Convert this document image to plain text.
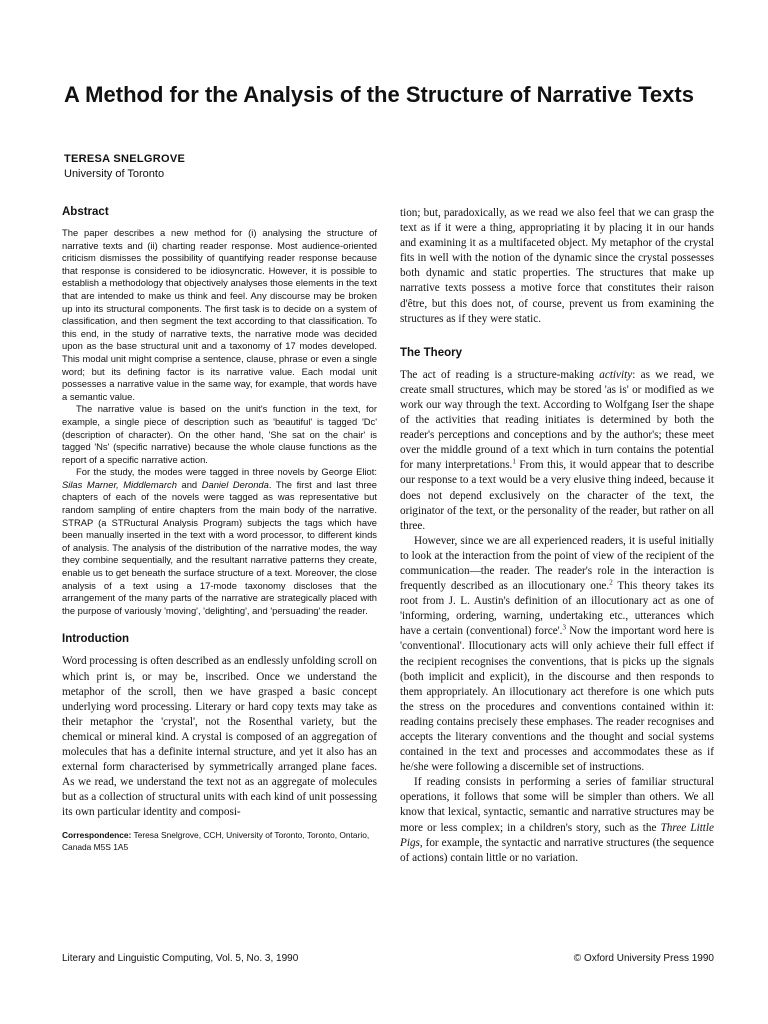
A Method for the Analysis of the Structure of Narrative Texts
TERESA SNELGROVE
University of Toronto
Abstract

The paper describes a new method for (i) analysing the structure of narrative texts and (ii) charting reader response. Most audience-oriented criticism dismisses the possibility of quantifying reader response because that response is considered to be idiosyncratic. However, it is possible to establish a methodology that objectively analyses those elements in the text that are intended to make us think and feel. Any discourse may be broken up into its structural components. The first task is to decide on a system of classification, and then segment the text according to that classification. To this end, in the study of narrative texts, the narrative mode was decided upon as the base structural unit and a taxonomy of 17 modes developed. This modal unit might comprise a sentence, clause, phrase or even a single word; but its defining factor is its narrative value. Each modal unit possesses a narrative value in the same way, for example, that words have a semantic value.

The narrative value is based on the unit's function in the text, for example, a single piece of description such as 'beautiful' is tagged 'Dc' (description of character). On the other hand, 'She sat on the chair' is tagged 'Ns' (specific narrative) because the whole clause functions as the report of a specific narrative action.

For the study, the modes were tagged in three novels by George Eliot: Silas Marner, Middlemarch and Daniel Deronda. The first and last three chapters of each of the novels were tagged as was representative but random sampling of entire chapters from the main body of the narrative. STRAP (a STRuctural Analysis Program) subjects the tags which have been manually inserted in the text with a word processor, to different kinds of analysis. The analysis of the distribution of the narrative modes, the way they combine sequentially, and the resultant narrative patterns they create, enable us to get beneath the surface structure of a text. Moreover, the close analysis of a text using a 17-mode taxonomy discloses that the arrangement of the many parts of the narrative are strategically placed with the purpose of variously 'moving', 'delighting', and 'persuading' the reader.

Introduction

Word processing is often described as an endlessly unfolding scroll on which print is, or may be, inscribed. Once we understand the metaphor of the scroll, then we have grasped a basic concept underlying word processing. Literary or hard copy texts may take as their metaphor the 'crystal', not the Rosenthal variety, but the chemical or mineral kind. A crystal is composed of an aggregation of molecules that has a definite internal structure, and yet it also has an external form characterised by symmetrically arranged plane faces. As we read, we understand the text not as an aggregate of molecules but as a collection of structural units with each kind of unit possessing its own particular identity and composi-

Correspondence: Teresa Snelgrove, CCH, University of Toronto, Toronto, Ontario, Canada M5S 1A5

tion; but, paradoxically, as we read we also feel that we can grasp the text as if it were a thing, appropriating it by placing it in our hands and examining it as a multifaceted object. My metaphor of the crystal fits in well with the notion of the dynamic since the crystal possesses both dynamic and static properties. The structures that make up narrative texts possess a motive force that constitutes their raison d'être, but this does not, of course, prevent us from examining the structures as if they were static.

The Theory

The act of reading is a structure-making activity: as we read, we create small structures, which may be stored 'as is' or modified as we work our way through the text. According to Wolfgang Iser the shape of the activities that reading initiates is determined by both the reader's perceptions and conceptions and by the author's; these meet over the middle ground of a text which in turn contains the potential for many interpretations.$^1$ From this, it would appear that to describe our response to a text would be a very elusive thing indeed, because it does not depend exclusively on the character of the text, the originator of the text, or the personality of the reader, but rather on all three.

However, since we are all experienced readers, it is useful initially to look at the interaction from the point of view of the recipient of the communication—the reader. The reader's role in the interaction is frequently described as an illocutionary one.$^2$ This theory takes its root from J. L. Austin's definition of an illocutionary act as one of 'informing, ordering, warning, undertaking etc., utterances which have a certain (conventional) force'.$^3$ Now the important word here is 'conventional'. Illocutionary acts will only achieve their full effect if the recipient recognises the conventions, that is picks up the signals (both implicit and explicit), in the discourse and then responds to them appropriately. An illocutionary act therefore is one which puts the stress on the procedures and conventions contained within it: reading contains precisely these emphases. The reader recognises and accepts the literary conventions and the thought and social systems contained in the text and processes and accommodates these as if he/she were following a discernible set of instructions.

If reading consists in performing a series of familiar structural operations, it follows that some will be simpler than others. We all know that lexical, syntactic, semantic and narrative structures may be more or less complex; in a children's story, such as the Three Little Pigs, for example, the syntactic and narrative structures (the sequence of actions) contain little or no variation.

Literary and Linguistic Computing, Vol. 5, No. 3, 1990	© Oxford University Press 1990
